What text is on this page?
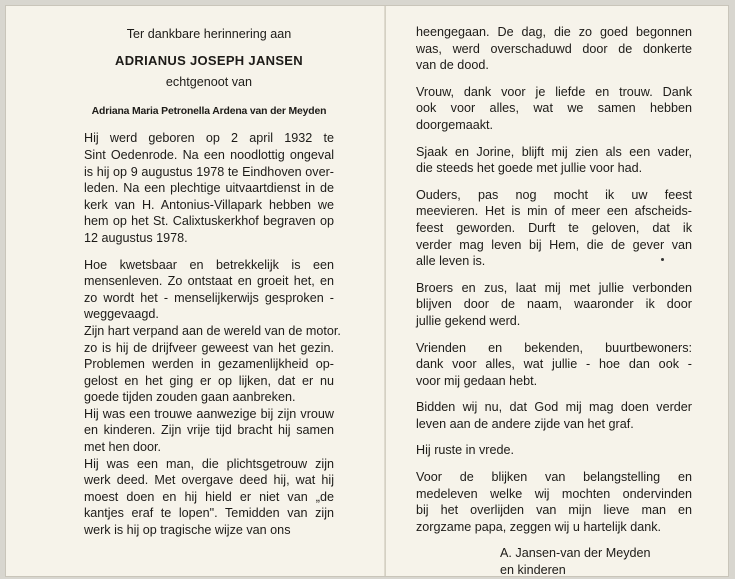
Ter dankbare herinnering aan
ADRIANUS JOSEPH JANSEN
echtgenoot van
Adriana Maria Petronella Ardena van der Meyden
Hij werd geboren op 2 april 1932 te
Sint Oedenrode. Na een noodlottig ongeval
is hij op 9 augustus 1978 te Eindhoven over-
leden. Na een plechtige uitvaartdienst in de
kerk van H. Antonius-Villapark hebben we
hem op het St. Calixtuskerkhof begraven op
12 augustus 1978.
Hoe kwetsbaar en betrekkelijk is een
mensenleven. Zo ontstaat en groeit het, en
zo wordt het - menselijkerwijs gesproken -
weggevaagd.
Zijn hart verpand aan de wereld van de motor.
zo is hij de drijfveer geweest van het gezin.
Problemen werden in gezamenlijkheid op-
gelost en het ging er op lijken, dat er nu
goede tijden zouden gaan aanbreken.
Hij was een trouwe aanwezige bij zijn vrouw
en kinderen. Zijn vrije tijd bracht hij samen
met hen door.
Hij was een man, die plichtsgetrouw zijn
werk deed. Met overgave deed hij, wat hij
moest doen en hij hield er niet van „de
kantjes eraf te lopen". Temidden van zijn
werk is hij op tragische wijze van ons
heengegaan. De dag, die zo goed begonnen
was, werd overschaduwd door de donkerte
van de dood.
Vrouw, dank voor je liefde en trouw. Dank
ook voor alles, wat we samen hebben
doorgemaakt.
Sjaak en Jorine, blijft mij zien als een vader,
die steeds het goede met jullie voor had.
Ouders, pas nog mocht ik uw feest
meevieren. Het is min of meer een afscheids-
feest geworden. Durft te geloven, dat ik
verder mag leven bij Hem, die de gever van
alle leven is.
Broers en zus, laat mij met jullie verbonden
blijven door de naam, waaronder ik door
jullie gekend werd.
Vrienden en bekenden, buurtbewoners:
dank voor alles, wat jullie - hoe dan ook -
voor mij gedaan hebt.
Bidden wij nu, dat God mij mag doen verder
leven aan de andere zijde van het graf.
Hij ruste in vrede.
Voor de blijken van belangstelling en
medeleven welke wij mochten ondervinden
bij het overlijden van mijn lieve man en
zorgzame papa, zeggen wij u hartelijk dank.
A. Jansen-van der Meyden
en kinderen
